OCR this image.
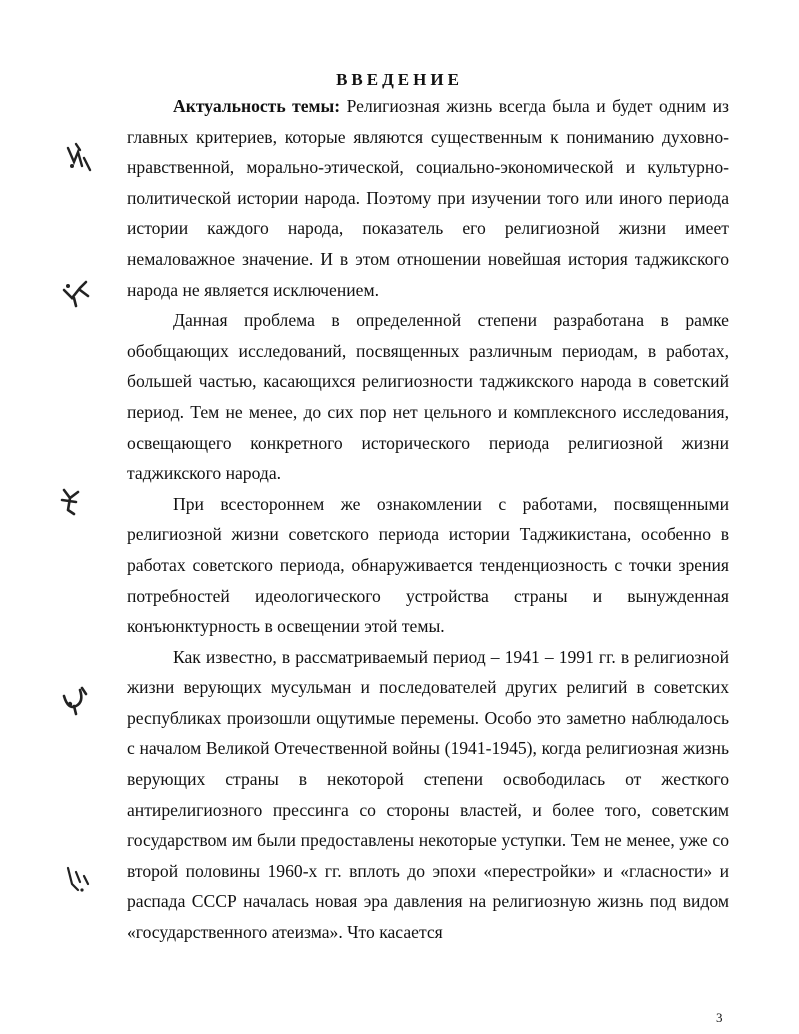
ВВЕДЕНИЕ

Актуальность темы: Религиозная жизнь всегда была и будет одним из главных критериев, которые являются существенным к пониманию духовно-нравственной, морально-этической, социально-экономической и культурно-политической истории народа. Поэтому при изучении того или иного периода истории каждого народа, показатель его религиозной жизни имеет немаловажное значение. И в этом отношении новейшая история таджикского народа не является исключением.

Данная проблема в определенной степени разработана в рамке обобщающих исследований, посвященных различным периодам, в работах, большей частью, касающихся религиозности таджикского народа в советский период. Тем не менее, до сих пор нет цельного и комплексного исследования, освещающего конкретного исторического периода религиозной жизни таджикского народа.

При всестороннем же ознакомлении с работами, посвященными религиозной жизни советского периода истории Таджикистана, особенно в работах советского периода, обнаруживается тенденциозность с точки зрения потребностей идеологического устройства страны и вынужденная конъюнктурность в освещении этой темы.

Как известно, в рассматриваемый период – 1941 – 1991 гг. в религиозной жизни верующих мусульман и последователей других религий в советских республиках произошли ощутимые перемены. Особо это заметно наблюдалось с началом Великой Отечественной войны (1941-1945), когда религиозная жизнь верующих страны в некоторой степени освободилась от жесткого антирелигиозного прессинга со стороны властей, и более того, советским государством им были предоставлены некоторые уступки. Тем не менее, уже со второй половины 1960-х гг. вплоть до эпохи «перестройки» и «гласности» и распада СССР началась новая эра давления на религиозную жизнь под видом «государственного атеизма». Что касается

3
